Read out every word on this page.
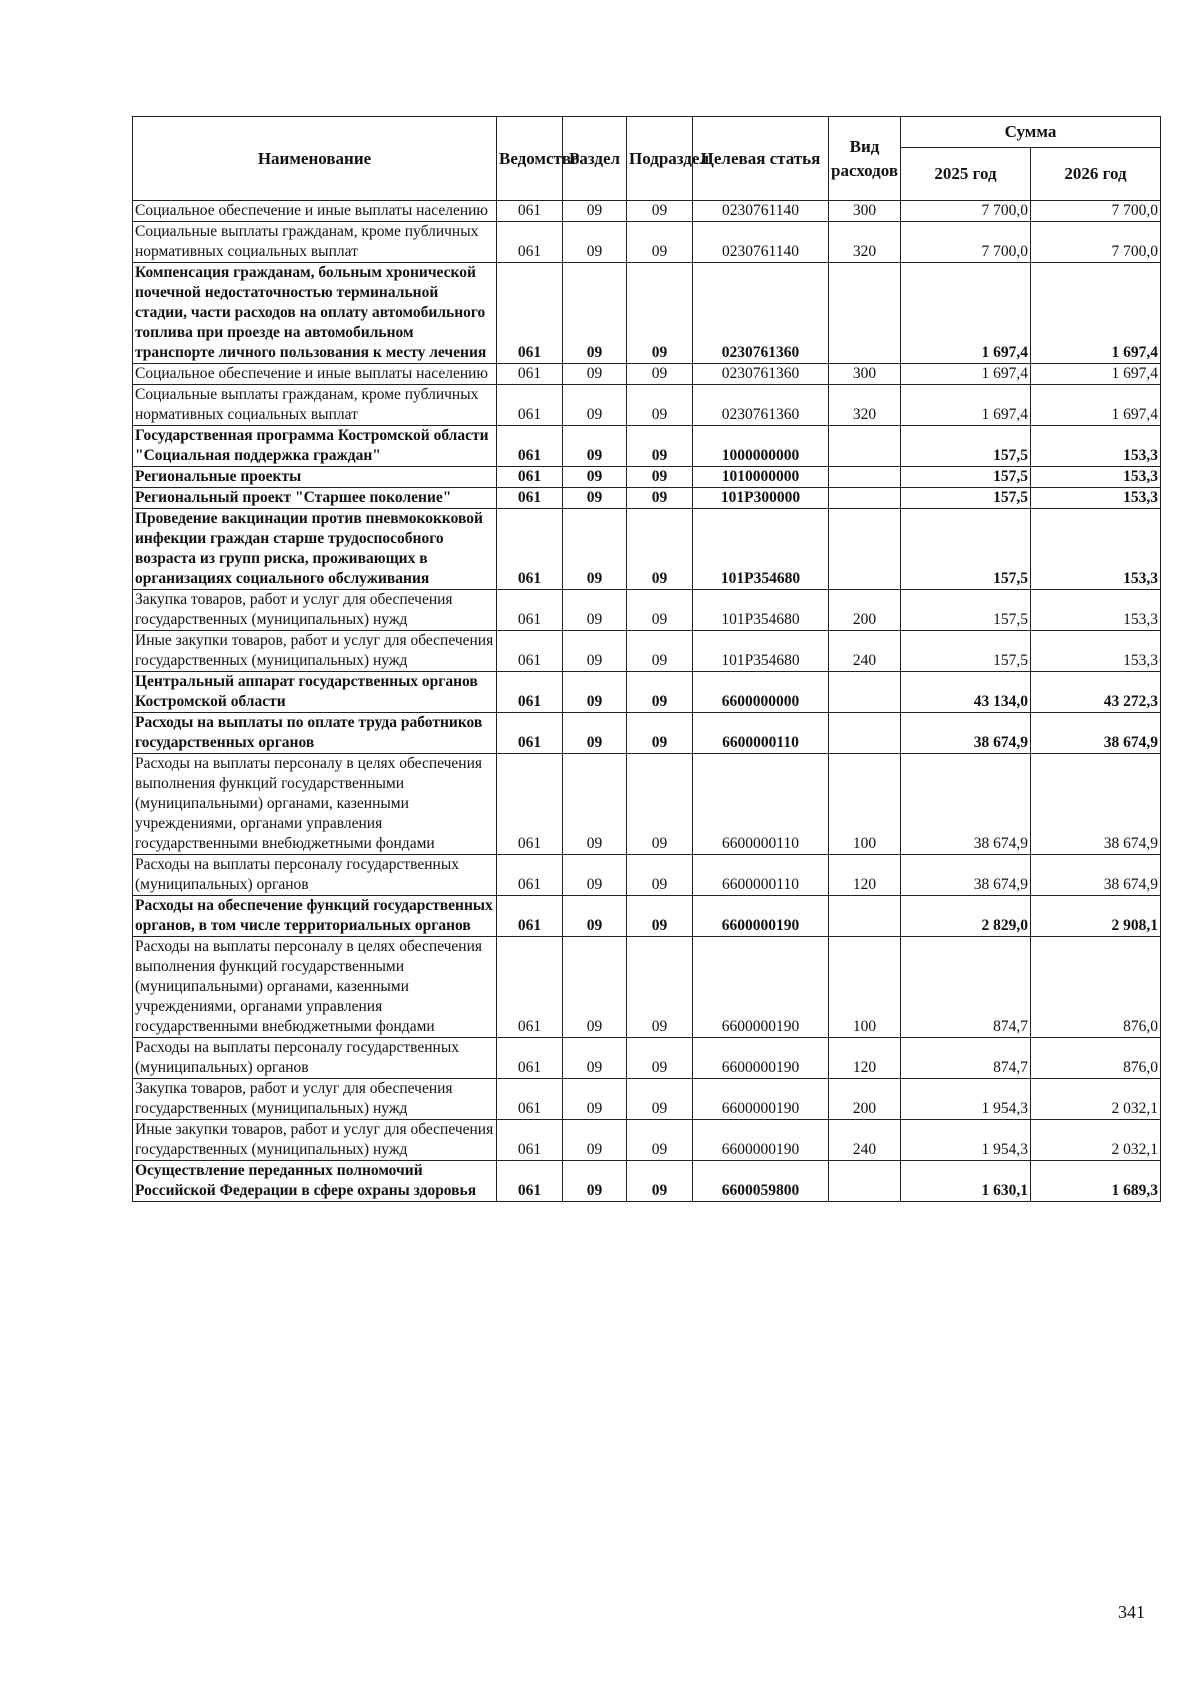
Наименование	Ведомство	Раздел	Подраздел	Целевая статья	Вид расходов	Сумма	
						2025 год	2026 год
Социальное обеспечение и иные выплаты населению	061	09	09	0230761140	300	7 700,0	7 700,0
Социальные выплаты гражданам, кроме публичных нормативных социальных выплат	061	09	09	0230761140	320	7 700,0	7 700,0
Компенсация гражданам, больным хронической почечной недостаточностью терминальной стадии, части расходов на оплату автомобильного топлива при проезде на автомобильном транспорте личного пользования к месту лечения	061	09	09	0230761360		1 697,4	1 697,4
Социальное обеспечение и иные выплаты населению	061	09	09	0230761360	300	1 697,4	1 697,4
Социальные выплаты гражданам, кроме публичных нормативных социальных выплат	061	09	09	0230761360	320	1 697,4	1 697,4
Государственная программа Костромской области "Социальная поддержка граждан"	061	09	09	1000000000		157,5	153,3
Региональные проекты	061	09	09	1010000000		157,5	153,3
Региональный проект "Старшее поколение"	061	09	09	101P300000		157,5	153,3
Проведение вакцинации против пневмококковой инфекции граждан старше трудоспособного возраста из групп риска, проживающих в организациях социального обслуживания	061	09	09	101P354680		157,5	153,3
Закупка товаров, работ и услуг для обеспечения государственных (муниципальных) нужд	061	09	09	101P354680	200	157,5	153,3
Иные закупки товаров, работ и услуг для обеспечения государственных (муниципальных) нужд	061	09	09	101P354680	240	157,5	153,3
Центральный аппарат государственных органов Костромской области	061	09	09	6600000000		43 134,0	43 272,3
Расходы на выплаты по оплате труда работников государственных органов	061	09	09	6600000110		38 674,9	38 674,9
Расходы на выплаты персоналу в целях обеспечения выполнения функций государственными (муниципальными) органами, казенными учреждениями, органами управления государственными внебюджетными фондами	061	09	09	6600000110	100	38 674,9	38 674,9
Расходы на выплаты персоналу государственных (муниципальных) органов	061	09	09	6600000110	120	38 674,9	38 674,9
Расходы на обеспечение функций государственных органов, в том числе территориальных органов	061	09	09	6600000190		2 829,0	2 908,1
Расходы на выплаты персоналу в целях обеспечения выполнения функций государственными (муниципальными) органами, казенными учреждениями, органами управления государственными внебюджетными фондами	061	09	09	6600000190	100	874,7	876,0
Расходы на выплаты персоналу государственных (муниципальных) органов	061	09	09	6600000190	120	874,7	876,0
Закупка товаров, работ и услуг для обеспечения государственных (муниципальных) нужд	061	09	09	6600000190	200	1 954,3	2 032,1
Иные закупки товаров, работ и услуг для обеспечения государственных (муниципальных) нужд	061	09	09	6600000190	240	1 954,3	2 032,1
Осуществление переданных полномочий Российской Федерации в сфере охраны здоровья	061	09	09	6600059800		1 630,1	1 689,3
341
